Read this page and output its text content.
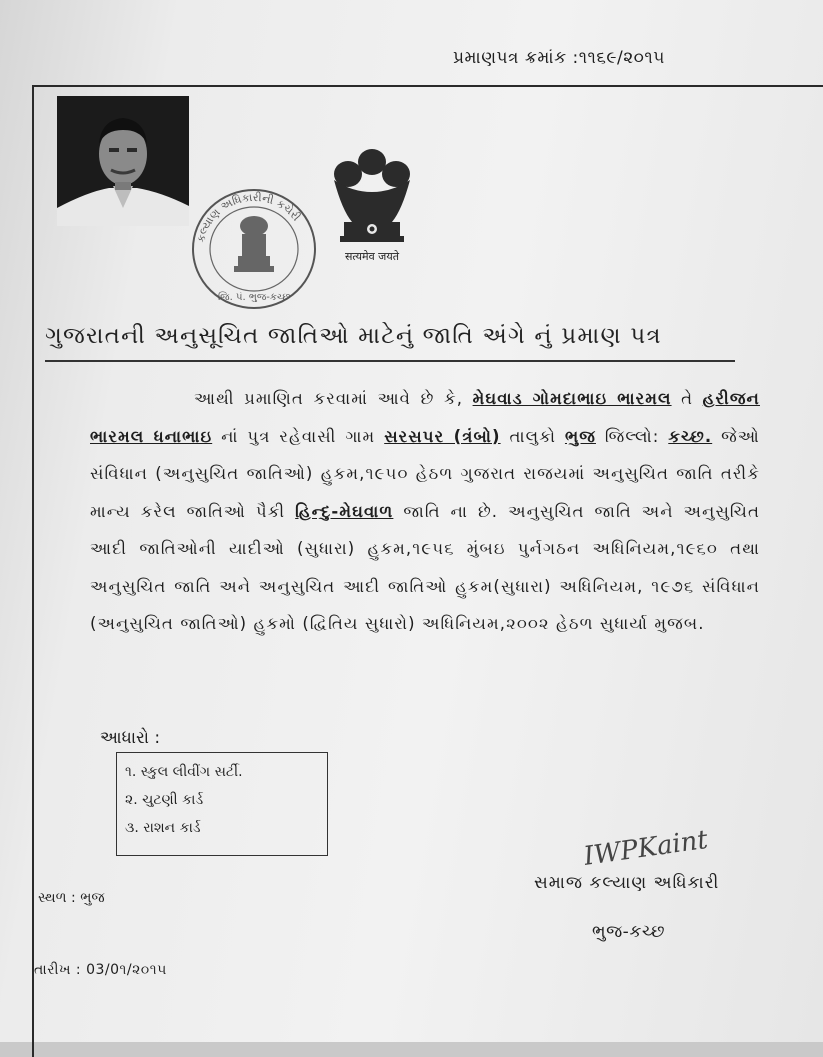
પ્રમાણપત્ર ક્રમાંક :૧૧૬૯/૨૦૧૫
કલ્યાણ અધિકારીની કચેરી
જિ. પં. ભુજ-કચ્છ
सत्यमेव जयते
ગુજરાતની અનુસૂચિત જાતિઓ માટેનું જાતિ અંગે નું પ્રમાણ પત્ર
આથી પ્રમાણિત કરવામાં આવે છે કે, મેઘવાડ ગોમદાભાઇ ભારમલ તે હરીજન ભારમલ ધનાભાઇ નાં પુત્ર રહેવાસી ગામ સરસપર (ત્રંબો) તાલુકો ભુજ જિલ્લો: કચ્છ. જેઓ સંવિધાન (અનુસુચિત જાતિઓ) હુકમ,૧૯૫૦ હેઠળ ગુજરાત રાજયમાં અનુસુચિત જાતિ તરીકે માન્ય કરેલ જાતિઓ પૈકી હિન્દુ-મેઘવાળ જાતિ ના છે. અનુસુચિત જાતિ અને અનુસુચિત આદી જાતિઓની યાદીઓ (સુધારા) હુકમ,૧૯૫૬ મુંબઇ પુર્નગઠન અધિનિયમ,૧૯૬૦ તથા અનુસુચિત જાતિ અને અનુસુચિત આદી જાતિઓ હુકમ(સુધારા) અધિનિયમ, ૧૯૭૬ સંવિધાન (અનુસુચિત જાતિઓ) હુકમો (દ્વિતિય સુધારો) અધિનિયમ,૨૦૦૨ હેઠળ સુધાર્યા મુજબ.
આધારો :
૧. સ્કુલ લીવીંગ સર્ટી.
૨. ચુટણી કાર્ડ
૩. રાશન કાર્ડ
સ્થળ : ભુજ
તારીખ : 03/0૧/૨૦૧૫
IWPKaint
સમાજ કલ્યાણ અધિકારી
ભુજ-કચ્છ
